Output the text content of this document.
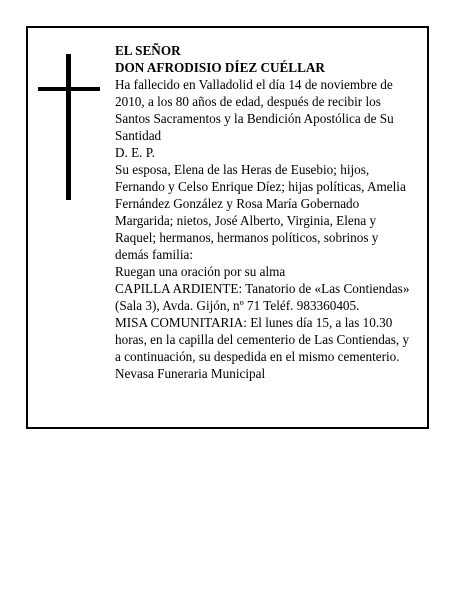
EL SEÑOR

DON AFRODISIO DÍEZ CUÉLLAR

Ha fallecido en Valladolid el día 14 de noviembre de 2010, a los 80 años de edad, después de recibir los Santos Sacramentos y la Bendición Apostólica de Su Santidad

D. E. P.

Su esposa, Elena de las Heras de Eusebio; hijos, Fernando y Celso Enrique Díez; hijas políticas, Amelia Fernández González y Rosa María Gobernado Margarida; nietos, José Alberto, Virginia, Elena y Raquel; hermanos, hermanos políticos, sobrinos y demás familia:

Ruegan una oración por su alma

CAPILLA ARDIENTE: Tanatorio de «Las Contiendas» (Sala 3), Avda. Gijón, nº 71 Teléf. 983360405.

MISA COMUNITARIA: El lunes día 15, a las 10.30 horas, en la capilla del cementerio de Las Contiendas, y a continuación, su despedida en el mismo cementerio.

Nevasa Funeraria Municipal
